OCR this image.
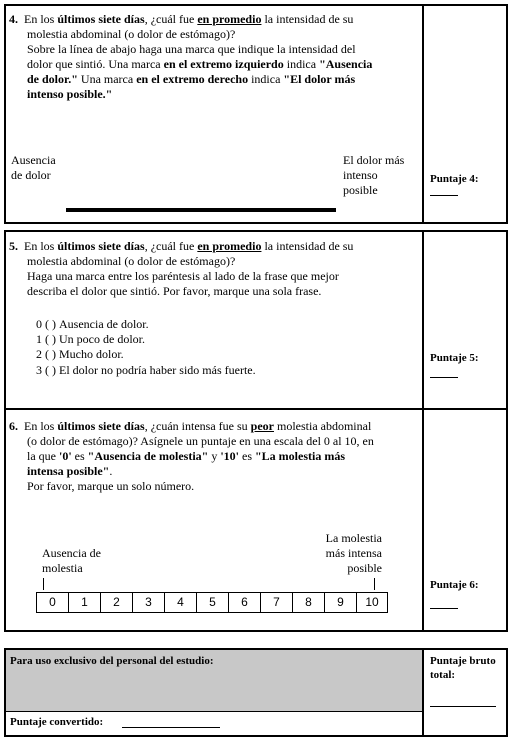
4. En los últimos siete días, ¿cuál fue en promedio la intensidad de su

molestia abdominal (o dolor de estómago)?

Sobre la línea de abajo haga una marca que indique la intensidad del

dolor que sintió. Una marca en el extremo izquierdo indica "Ausencia

de dolor." Una marca en el extremo derecho indica "El dolor más

intenso posible."

Ausencia
de dolor
El dolor más
intenso
posible
Puntaje 4:

5. En los últimos siete días, ¿cuál fue en promedio la intensidad de su

molestia abdominal (o dolor de estómago)?

Haga una marca entre los paréntesis al lado de la frase que mejor

describa el dolor que sintió. Por favor, marque una sola frase.

0 ( ) Ausencia de dolor.
1 ( ) Un poco de dolor.
2 ( ) Mucho dolor.
3 ( ) El dolor no podría haber sido más fuerte.
Puntaje 5:

6. En los últimos siete días, ¿cuán intensa fue su peor molestia abdominal

(o dolor de estómago)? Asígnele un puntaje en una escala del 0 al 10, en

la que '0' es "Ausencia de molestia" y '10' es "La molestia más

intensa posible".

Por favor, marque un solo número.

Ausencia de
molestia
La molestia
más intensa
posible
0	1	2	3	4	5	6	7	8	9	10
Puntaje 6:
Para uso exclusivo del personal del estudio:	Puntaje bruto
total:
Puntaje convertido:
